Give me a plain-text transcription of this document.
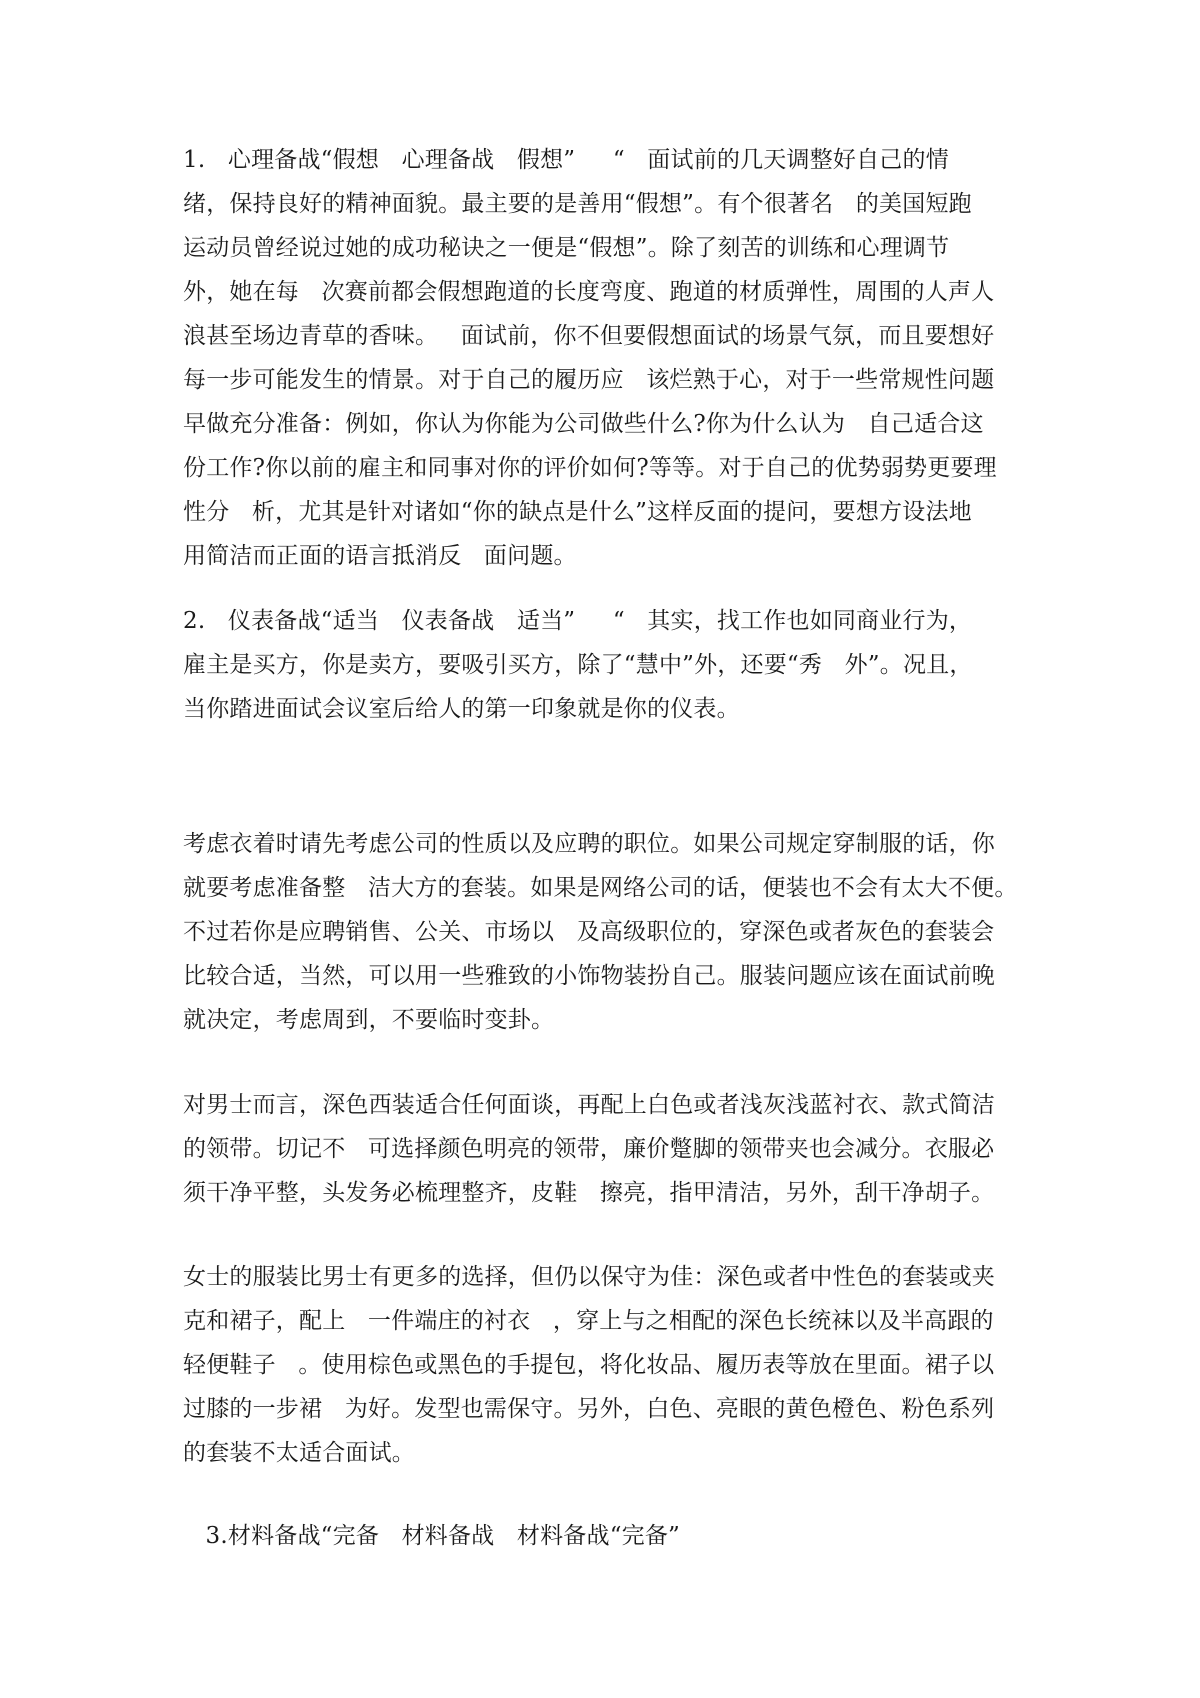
1.   心理备战“假想   心理备战   假想”     “   面试前的几天调整好自己的情
绪，保持良好的精神面貌。最主要的是善用“假想”。有个很著名   的美国短跑
运动员曾经说过她的成功秘诀之一便是“假想”。除了刻苦的训练和心理调节
外，她在每   次赛前都会假想跑道的长度弯度、跑道的材质弹性，周围的人声人
浪甚至场边青草的香味。   面试前，你不但要假想面试的场景气氛，而且要想好
每一步可能发生的情景。对于自己的履历应   该烂熟于心，对于一些常规性问题
早做充分准备：例如，你认为你能为公司做些什么?你为什么认为   自己适合这
份工作?你以前的雇主和同事对你的评价如何?等等。对于自己的优势弱势更要理
性分   析，尤其是针对诸如“你的缺点是什么”这样反面的提问，要想方设法地
用简洁而正面的语言抵消反   面问题。
2.   仪表备战“适当   仪表备战   适当”     “   其实，找工作也如同商业行为，
雇主是买方，你是卖方，要吸引买方，除了“慧中”外，还要“秀   外”。况且，
当你踏进面试会议室后给人的第一印象就是你的仪表。
考虑衣着时请先考虑公司的性质以及应聘的职位。如果公司规定穿制服的话，你
就要考虑准备整   洁大方的套装。如果是网络公司的话，便装也不会有太大不便。
不过若你是应聘销售、公关、市场以   及高级职位的，穿深色或者灰色的套装会
比较合适，当然，可以用一些雅致的小饰物装扮自己。服装问题应该在面试前晚
就决定，考虑周到，不要临时变卦。
对男士而言，深色西装适合任何面谈，再配上白色或者浅灰浅蓝衬衣、款式简洁
的领带。切记不   可选择颜色明亮的领带，廉价蹩脚的领带夹也会减分。衣服必
须干净平整，头发务必梳理整齐，皮鞋   擦亮，指甲清洁，另外，刮干净胡子。
女士的服装比男士有更多的选择，但仍以保守为佳：深色或者中性色的套装或夹
克和裙子，配上   一件端庄的衬衣   ，穿上与之相配的深色长统袜以及半高跟的
轻便鞋子   。使用棕色或黑色的手提包，将化妆品、履历表等放在里面。裙子以
过膝的一步裙   为好。发型也需保守。另外，白色、亮眼的黄色橙色、粉色系列
的套装不太适合面试。
3.材料备战“完备   材料备战   材料备战“完备”
